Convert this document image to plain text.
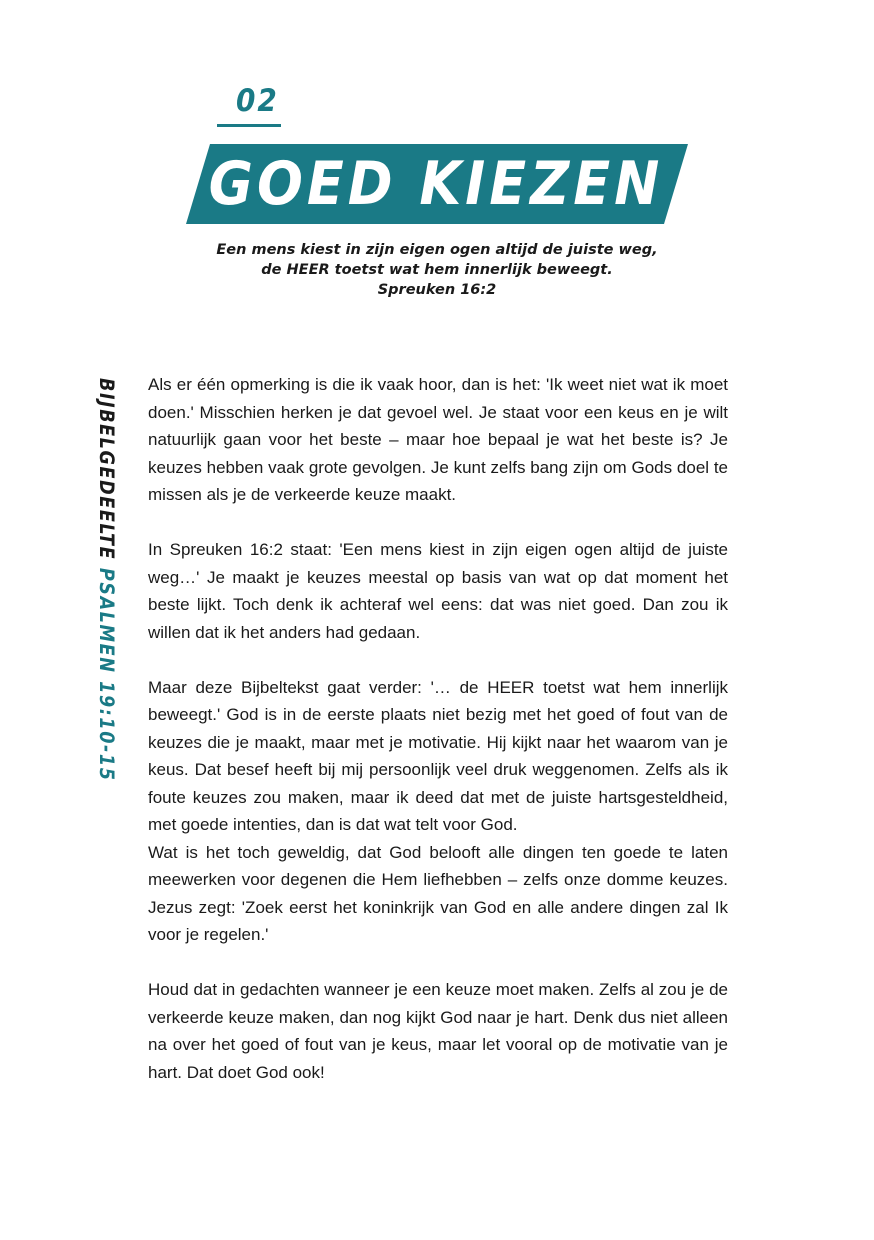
02
GOED KIEZEN
Een mens kiest in zijn eigen ogen altijd de juiste weg,
de HEER toetst wat hem innerlijk beweegt.
Spreuken 16:2
BIJBELGEDEELTE PSALMEN 19:10-15

Als er één opmerking is die ik vaak hoor, dan is het: 'Ik weet niet wat ik moet doen.' Misschien herken je dat gevoel wel. Je staat voor een keus en je wilt natuurlijk gaan voor het beste – maar hoe bepaal je wat het beste is? Je keuzes hebben vaak grote gevolgen. Je kunt zelfs bang zijn om Gods doel te missen als je de verkeerde keuze maakt.

In Spreuken 16:2 staat: 'Een mens kiest in zijn eigen ogen altijd de juiste weg…' Je maakt je keuzes meestal op basis van wat op dat moment het beste lijkt. Toch denk ik achteraf wel eens: dat was niet goed. Dan zou ik willen dat ik het anders had gedaan.

Maar deze Bijbeltekst gaat verder: '… de HEER toetst wat hem innerlijk beweegt.' God is in de eerste plaats niet bezig met het goed of fout van de keuzes die je maakt, maar met je motivatie. Hij kijkt naar het waarom van je keus. Dat besef heeft bij mij persoonlijk veel druk weggenomen. Zelfs als ik foute keuzes zou maken, maar ik deed dat met de juiste hartsgesteldheid, met goede intenties, dan is dat wat telt voor God.

Wat is het toch geweldig, dat God belooft alle dingen ten goede te laten meewerken voor degenen die Hem liefhebben – zelfs onze domme keuzes. Jezus zegt: 'Zoek eerst het koninkrijk van God en alle andere dingen zal Ik voor je regelen.'

Houd dat in gedachten wanneer je een keuze moet maken. Zelfs al zou je de verkeerde keuze maken, dan nog kijkt God naar je hart. Denk dus niet alleen na over het goed of fout van je keus, maar let vooral op de motivatie van je hart. Dat doet God ook!
